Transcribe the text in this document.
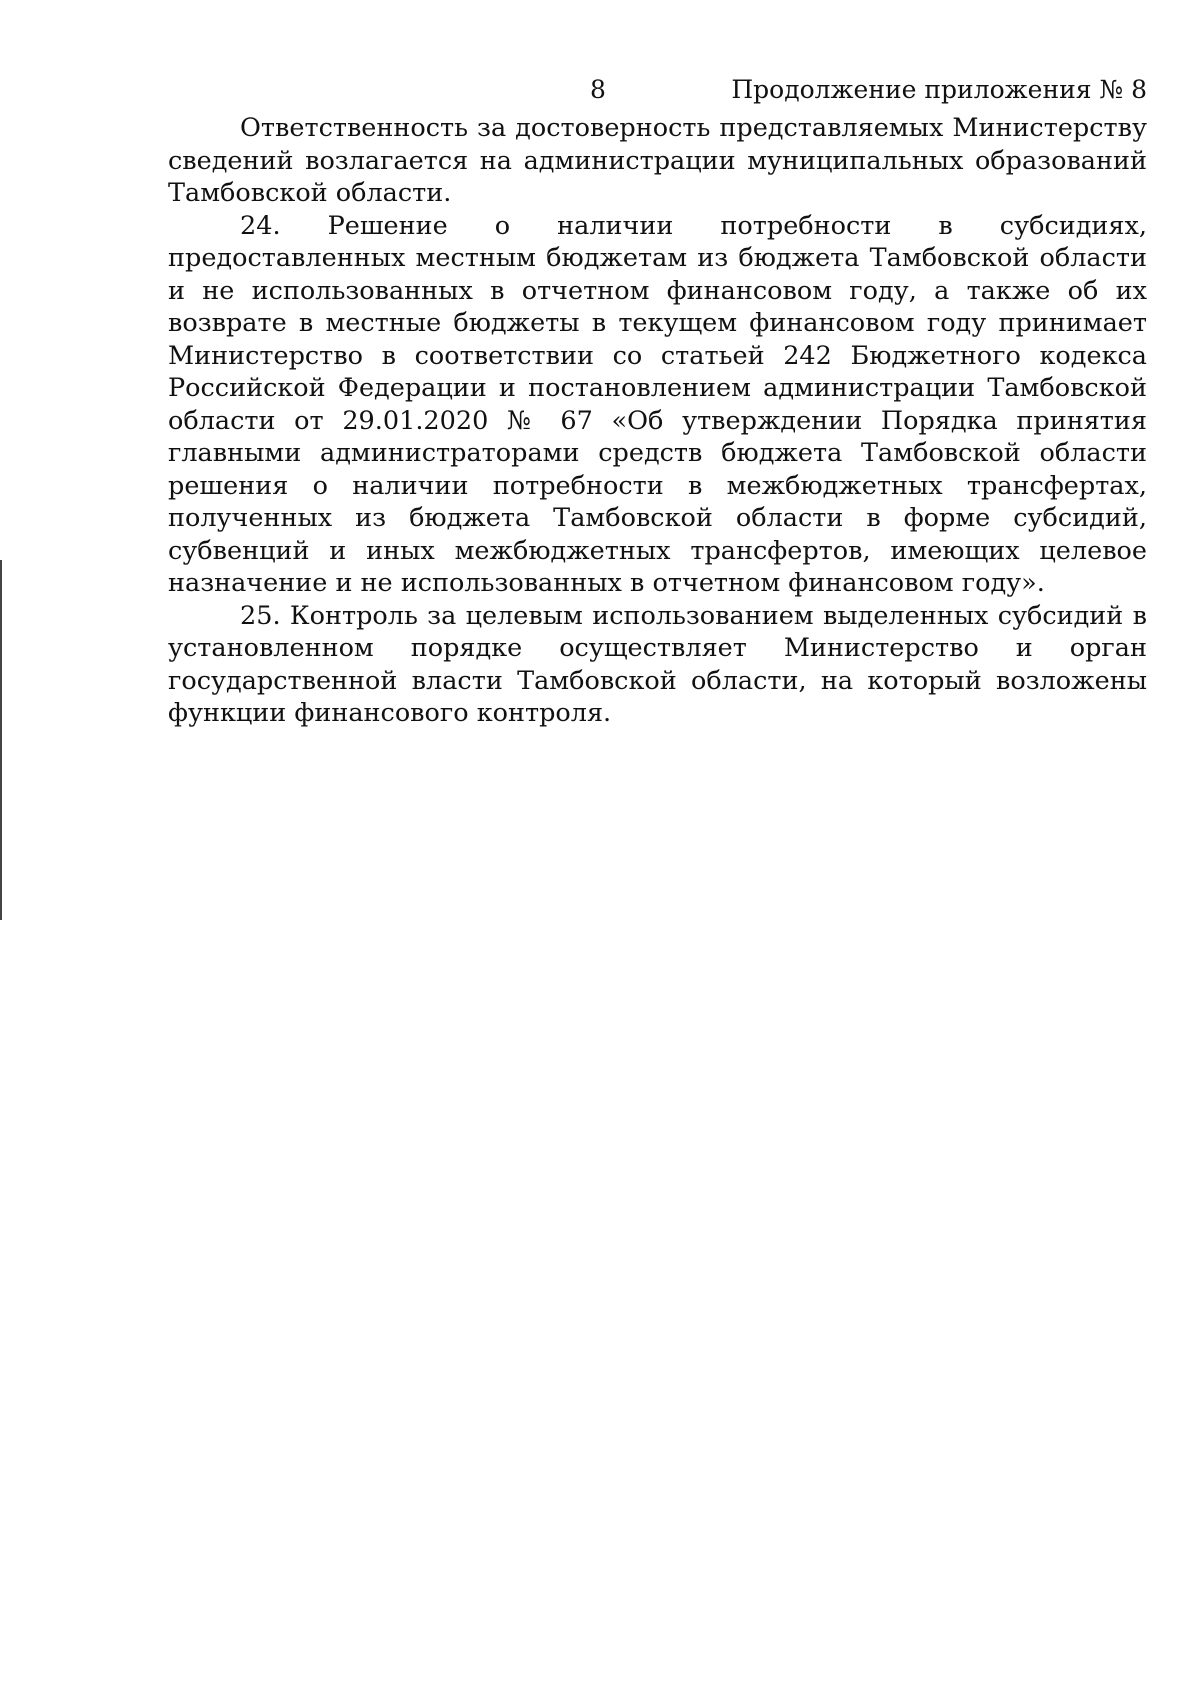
8	Продолжение приложения № 8

Ответственность за достоверность представляемых Министерству сведений возлагается на администрации муниципальных образований Тамбовской области.

24. Решение о наличии потребности в субсидиях, предоставленных местным бюджетам из бюджета Тамбовской области и не использованных в отчетном финансовом году, а также об их возврате в местные бюджеты в текущем финансовом году принимает Министерство в соответствии со статьей 242 Бюджетного кодекса Российской Федерации и постановлением администрации Тамбовской области от 29.01.2020 № 67 «Об утверждении Порядка принятия главными администраторами средств бюджета Тамбовской области решения о наличии потребности в межбюджетных трансфертах, полученных из бюджета Тамбовской области в форме субсидий, субвенций и иных межбюджетных трансфертов, имеющих целевое назначение и не использованных в отчетном финансовом году».

25. Контроль за целевым использованием выделенных субсидий в установленном порядке осуществляет Министерство и орган государственной власти Тамбовской области, на который возложены функции финансового контроля.
